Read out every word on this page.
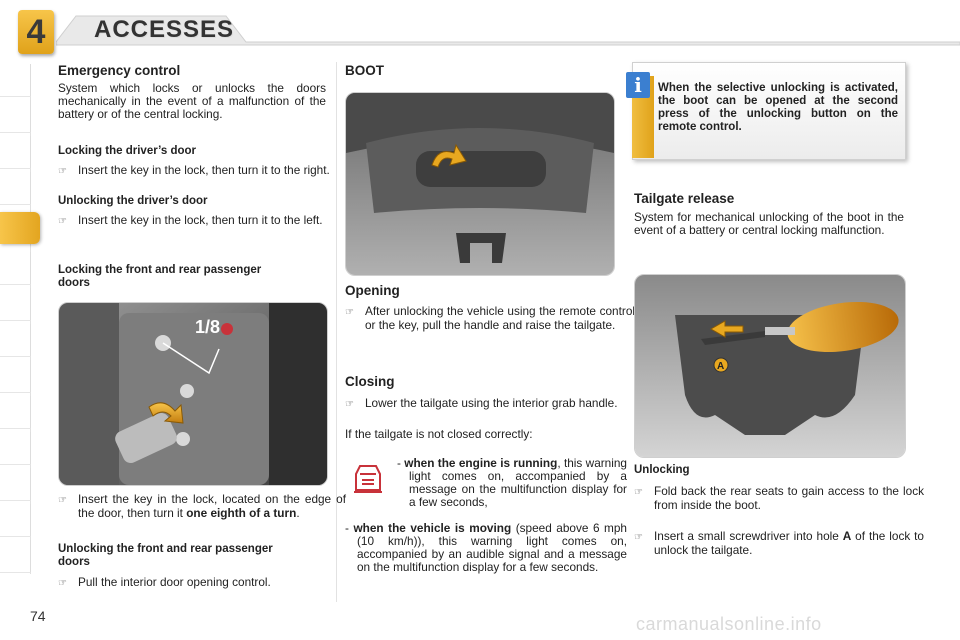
4	ACCESSES
Emergency control

System which locks or unlocks the doors mechanically in the event of a malfunction of the battery or of the central locking.

Locking the driver’s door
☞ Insert the key in the lock, then turn it to the right.
Unlocking the driver’s door
☞ Insert the key in the lock, then turn it to the left.
Locking the front and rear passenger doors
1/8
☞ Insert the key in the lock, located on the edge of the door, then turn it one eighth of a turn.
Unlocking the front and rear passenger doors
☞ Pull the interior door opening control.
BOOT
Opening
☞ After unlocking the vehicle using the remote control or the key, pull the handle and raise the tailgate.
Closing
☞ Lower the tailgate using the interior grab handle.

If the tailgate is not closed correctly:

- when the engine is running, this warning light comes on, accompanied by a message on the multifunction display for a few seconds,
- when the vehicle is moving (speed above 6 mph (10 km/h)), this warning light comes on, accompanied by an audible signal and a message on the multifunction display for a few seconds.
i	When the selective unlocking is activated, the boot can be opened at the second press of the unlocking button on the remote control.
Tailgate release

System for mechanical unlocking of the boot in the event of a battery or central locking malfunction.

A
Unlocking
☞ Fold back the rear seats to gain access to the lock from inside the boot.
☞ Insert a small screwdriver into hole A of the lock to unlock the tailgate.
74	carmanualsonline.info
